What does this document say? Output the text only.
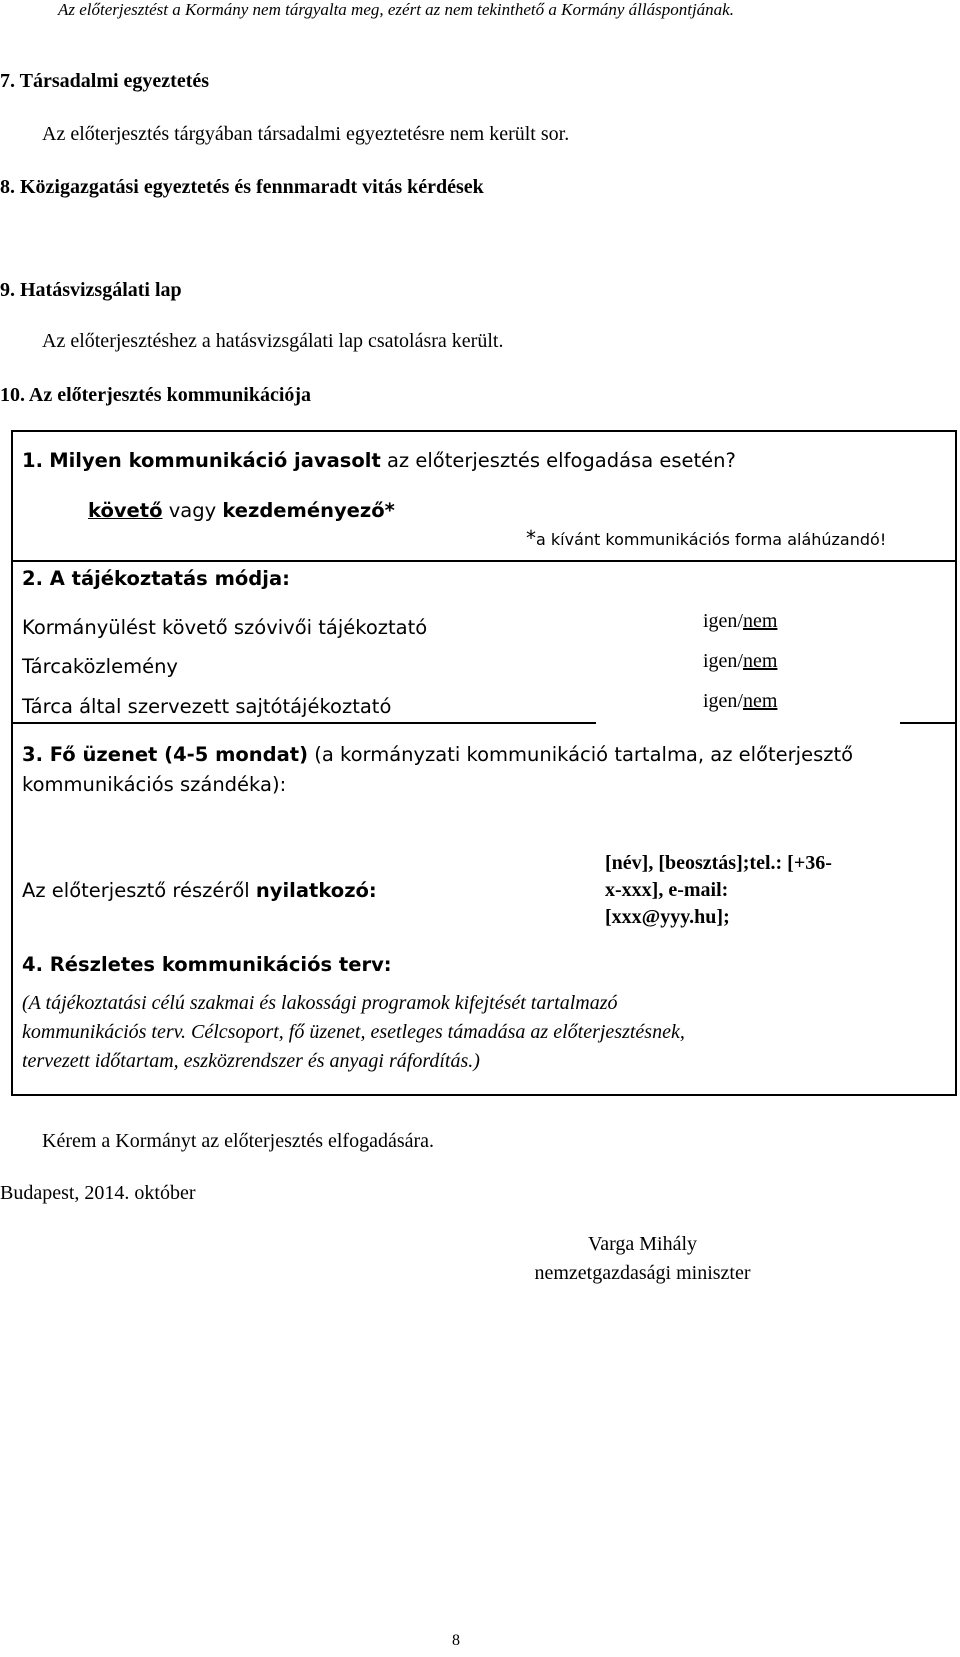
Az előterjesztést a Kormány nem tárgyalta meg, ezért az nem tekinthető a Kormány álláspontjának.
7. Társadalmi egyeztetés
Az előterjesztés tárgyában társadalmi egyeztetésre nem került sor.
8. Közigazgatási egyeztetés és fennmaradt vitás kérdések
9. Hatásvizsgálati lap
Az előterjesztéshez a hatásvizsgálati lap csatolásra került.
10. Az előterjesztés kommunikációja
1. Milyen kommunikáció javasolt az előterjesztés elfogadása esetén?
követő vagy kezdeményező*
*a kívánt kommunikációs forma aláhúzandó!
2. A tájékoztatás módja:
Kormányülést követő szóvivői tájékoztató	igen/nem
Tárcaközlemény	igen/nem
Tárca által szervezett sajtótájékoztató	igen/nem
3. Fő üzenet (4-5 mondat) (a kormányzati kommunikáció tartalma, az előterjesztő
kommunikációs szándéka):
Az előterjesztő részéről nyilatkozó:
[név], [beosztás];tel.: [+36-
x-xxx], e-mail:
[xxx@yyy.hu];
4. Részletes kommunikációs terv:
(A tájékoztatási célú szakmai és lakossági programok kifejtését tartalmazó
kommunikációs terv. Célcsoport, fő üzenet, esetleges támadása az előterjesztésnek,
tervezett időtartam, eszközrendszer és anyagi ráfordítás.)
Kérem a Kormányt az előterjesztés elfogadására.
Budapest, 2014. október
Varga Mihály
nemzetgazdasági miniszter
8
